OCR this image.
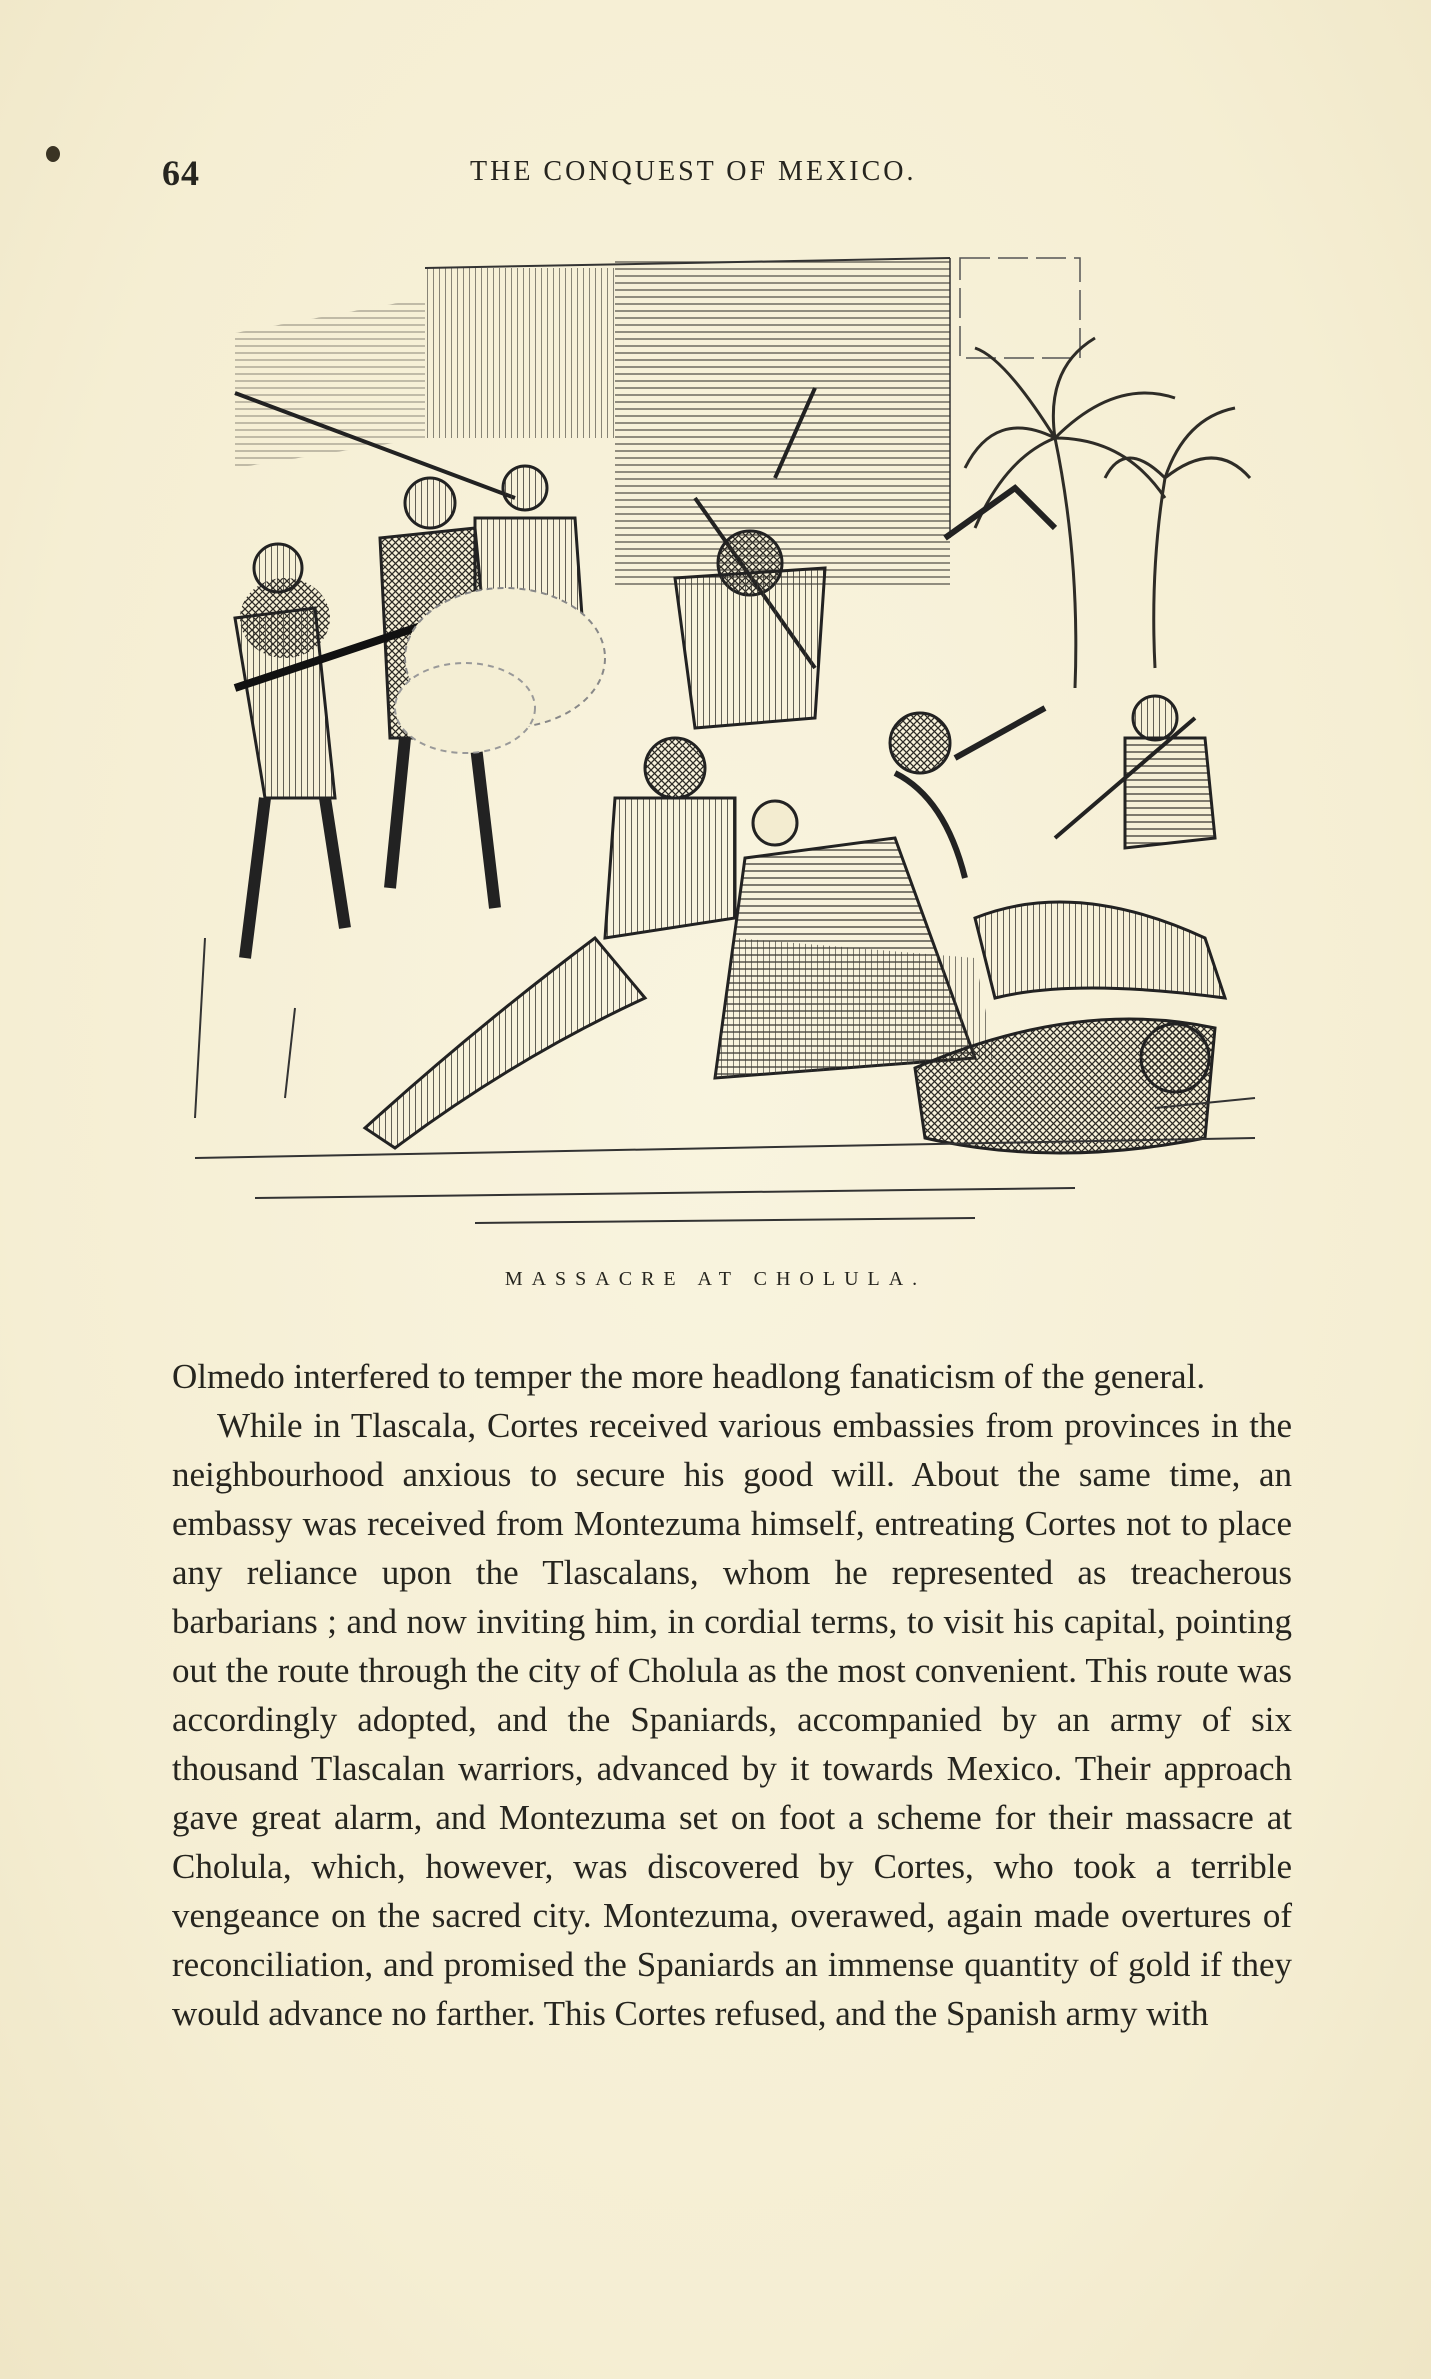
64	THE CONQUEST OF MEXICO.
MASSACRE AT CHOLULA.

Olmedo interfered to temper the more headlong fanaticism of the general.

While in Tlascala, Cortes received various embassies from provinces in the neighbourhood anxious to secure his good will. About the same time, an embassy was received from Montezuma himself, entreating Cortes not to place any reliance upon the Tlascalans, whom he represented as treacherous barbarians ; and now inviting him, in cordial terms, to visit his capital, pointing out the route through the city of Cholula as the most convenient. This route was accordingly adopted, and the Spaniards, accompanied by an army of six thousand Tlascalan warriors, advanced by it towards Mexico. Their approach gave great alarm, and Montezuma set on foot a scheme for their massacre at Cholula, which, however, was discovered by Cortes, who took a terrible vengeance on the sacred city. Montezuma, overawed, again made overtures of reconciliation, and promised the Spaniards an immense quantity of gold if they would advance no farther. This Cortes refused, and the Spanish army with
